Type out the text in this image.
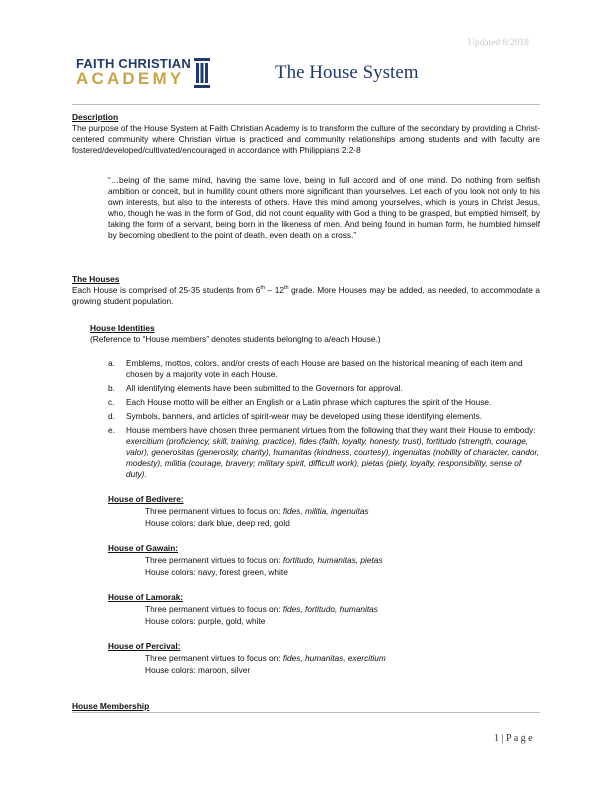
Updated 8/2018
FAITH CHRISTIAN
ACADEMY	The House System
Description
The purpose of the House System at Faith Christian Academy is to transform the culture of the secondary by providing a Christ-centered community where Christian virtue is practiced and community relationships among students and with faculty are fostered/developed/cultivated/encouraged in accordance with Philippians 2:2-8
“…being of the same mind, having the same love, being in full accord and of one mind. Do nothing from selfish ambition or conceit, but in humility count others more significant than yourselves. Let each of you look not only to his own interests, but also to the interests of others. Have this mind among yourselves, which is yours in Christ Jesus, who, though he was in the form of God, did not count equality with God a thing to be grasped, but emptied himself, by taking the form of a servant, being born in the likeness of men. And being found in human form, he humbled himself by becoming obedient to the point of death, even death on a cross.”
The Houses
Each House is comprised of 25-35 students from 6th – 12th grade. More Houses may be added, as needed, to accommodate a growing student population.
House Identities
(Reference to “House members” denotes students belonging to a/each House.)
a. Emblems, mottos, colors, and/or crests of each House are based on the historical meaning of each item and chosen by a majority vote in each House.
b. All identifying elements have been submitted to the Governors for approval.
c. Each House motto will be either an English or a Latin phrase which captures the spirit of the House.
d. Symbols, banners, and articles of spirit-wear may be developed using these identifying elements.
e. House members have chosen three permanent virtues from the following that they want their House to embody: exercitium (proficiency, skill, training, practice), fides (faith, loyalty, honesty, trust), fortitudo (strength, courage, valor), generositas (generosity, charity), humanitas (kindness, courtesy), ingenuitas (nobility of character, candor, modesty), militia (courage, bravery; military spirit, difficult work), pietas (piety, loyalty, responsibility, sense of duty).
House of Bedivere:
Three permanent virtues to focus on: fides, militia, ingenuitas
House colors: dark blue, deep red, gold
House of Gawain:
Three permanent virtues to focus on: fortitudo, humanitas, pietas
House colors: navy, forest green, white
House of Lamorak:
Three permanent virtues to focus on: fides, fortitudo, humanitas
House colors: purple, gold, white
House of Percival:
Three permanent virtues to focus on: fides, humanitas, exercitium
House colors: maroon, silver
House Membership
1 | P a g e
